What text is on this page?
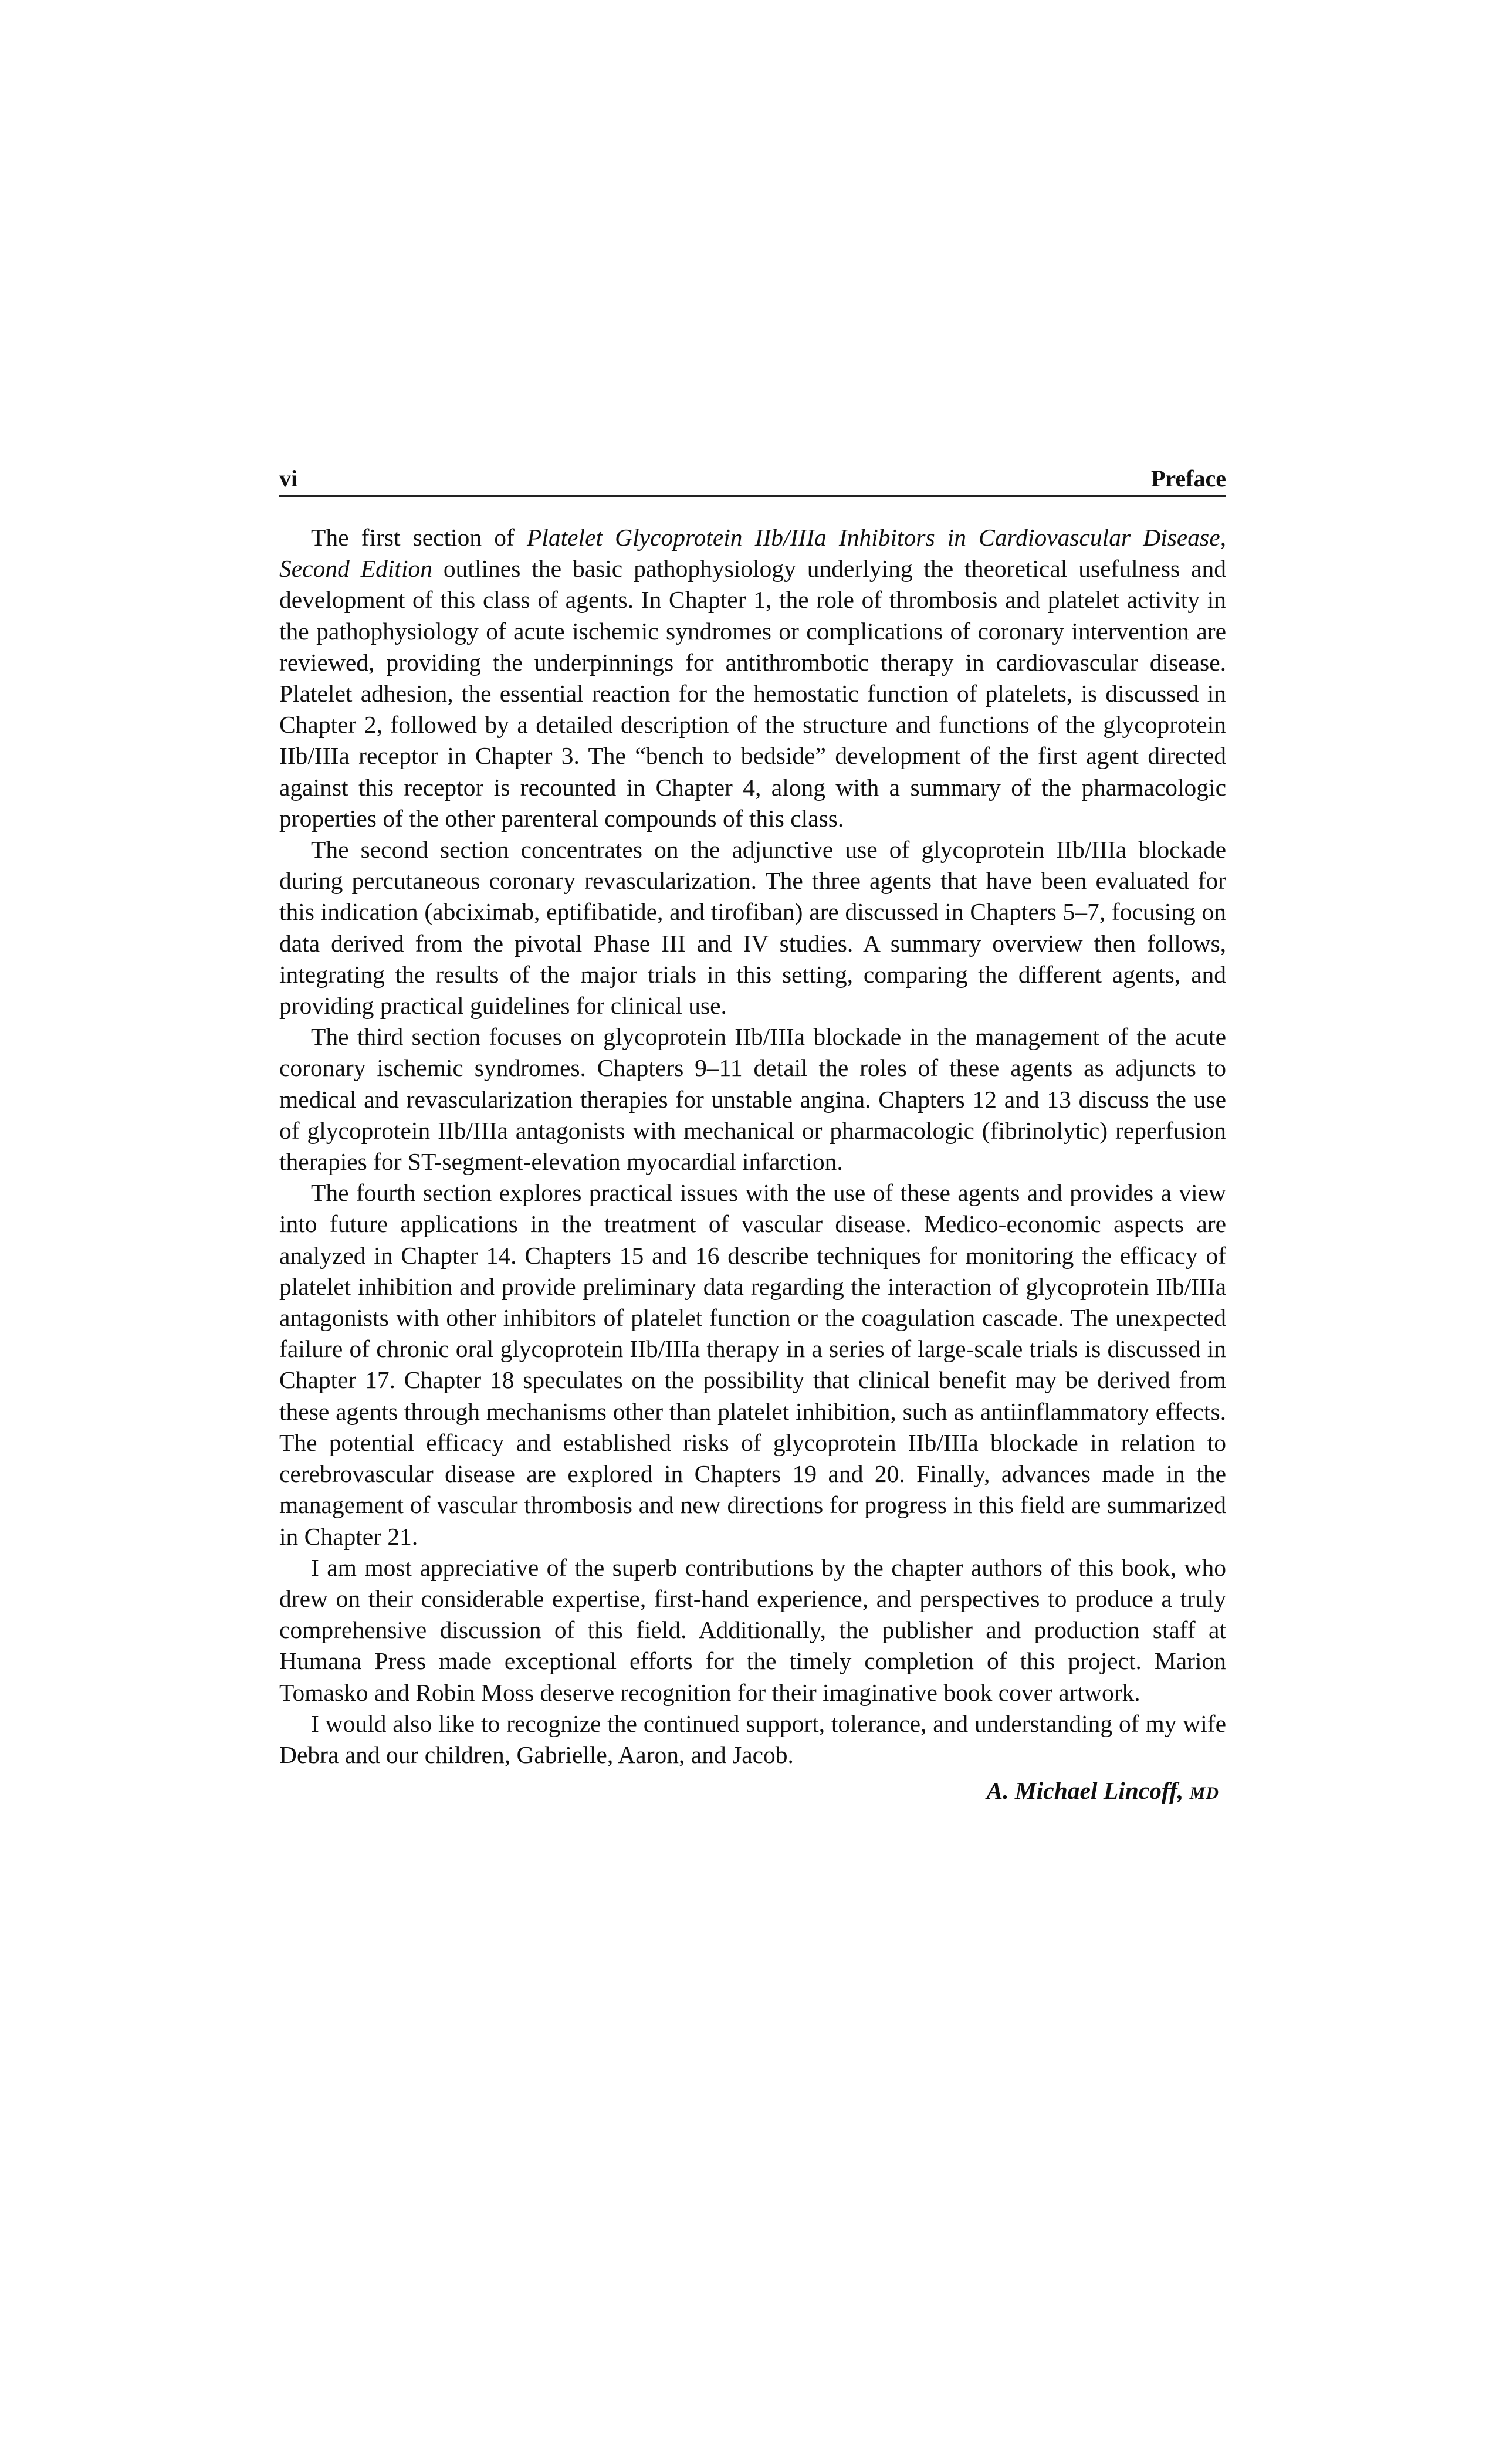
vi	Preface

The first section of Platelet Glycoprotein IIb/IIIa Inhibitors in Cardiovascular Disease, Second Edition outlines the basic pathophysiology underlying the theoretical usefulness and development of this class of agents. In Chapter 1, the role of thrombosis and platelet activity in the pathophysiology of acute ischemic syndromes or complications of coronary intervention are reviewed, providing the underpinnings for antithrombotic therapy in cardiovascular disease. Platelet adhesion, the essential reaction for the hemostatic function of platelets, is discussed in Chapter 2, followed by a detailed description of the structure and functions of the glycoprotein IIb/IIIa receptor in Chapter 3. The “bench to bedside” development of the first agent directed against this receptor is recounted in Chapter 4, along with a summary of the pharmacologic properties of the other parenteral compounds of this class.

The second section concentrates on the adjunctive use of glycoprotein IIb/IIIa blockade during percutaneous coronary revascularization. The three agents that have been evaluated for this indication (abciximab, eptifibatide, and tirofiban) are discussed in Chapters 5–7, focusing on data derived from the pivotal Phase III and IV studies. A summary overview then follows, integrating the results of the major trials in this setting, comparing the different agents, and providing practical guidelines for clinical use.

The third section focuses on glycoprotein IIb/IIIa blockade in the management of the acute coronary ischemic syndromes. Chapters 9–11 detail the roles of these agents as adjuncts to medical and revascularization therapies for unstable angina. Chapters 12 and 13 discuss the use of glycoprotein IIb/IIIa antagonists with mechanical or pharmacologic (fibrinolytic) reperfusion therapies for ST-segment-elevation myocardial infarction.

The fourth section explores practical issues with the use of these agents and provides a view into future applications in the treatment of vascular disease. Medico-economic aspects are analyzed in Chapter 14. Chapters 15 and 16 describe techniques for monitoring the efficacy of platelet inhibition and provide preliminary data regarding the interaction of glycoprotein IIb/IIIa antagonists with other inhibitors of platelet function or the coagulation cascade. The unexpected failure of chronic oral glycoprotein IIb/IIIa therapy in a series of large-scale trials is discussed in Chapter 17. Chapter 18 speculates on the possibility that clinical benefit may be derived from these agents through mechanisms other than platelet inhibition, such as antiinflammatory effects. The potential efficacy and established risks of glycoprotein IIb/IIIa blockade in relation to cerebrovascular disease are explored in Chapters 19 and 20. Finally, advances made in the management of vascular thrombosis and new directions for progress in this field are summarized in Chapter 21.

I am most appreciative of the superb contributions by the chapter authors of this book, who drew on their considerable expertise, first-hand experience, and perspectives to produce a truly comprehensive discussion of this field. Additionally, the publisher and production staff at Humana Press made exceptional efforts for the timely completion of this project. Marion Tomasko and Robin Moss deserve recognition for their imaginative book cover artwork.

I would also like to recognize the continued support, tolerance, and understanding of my wife Debra and our children, Gabrielle, Aaron, and Jacob.

A. Michael Lincoff, MD
